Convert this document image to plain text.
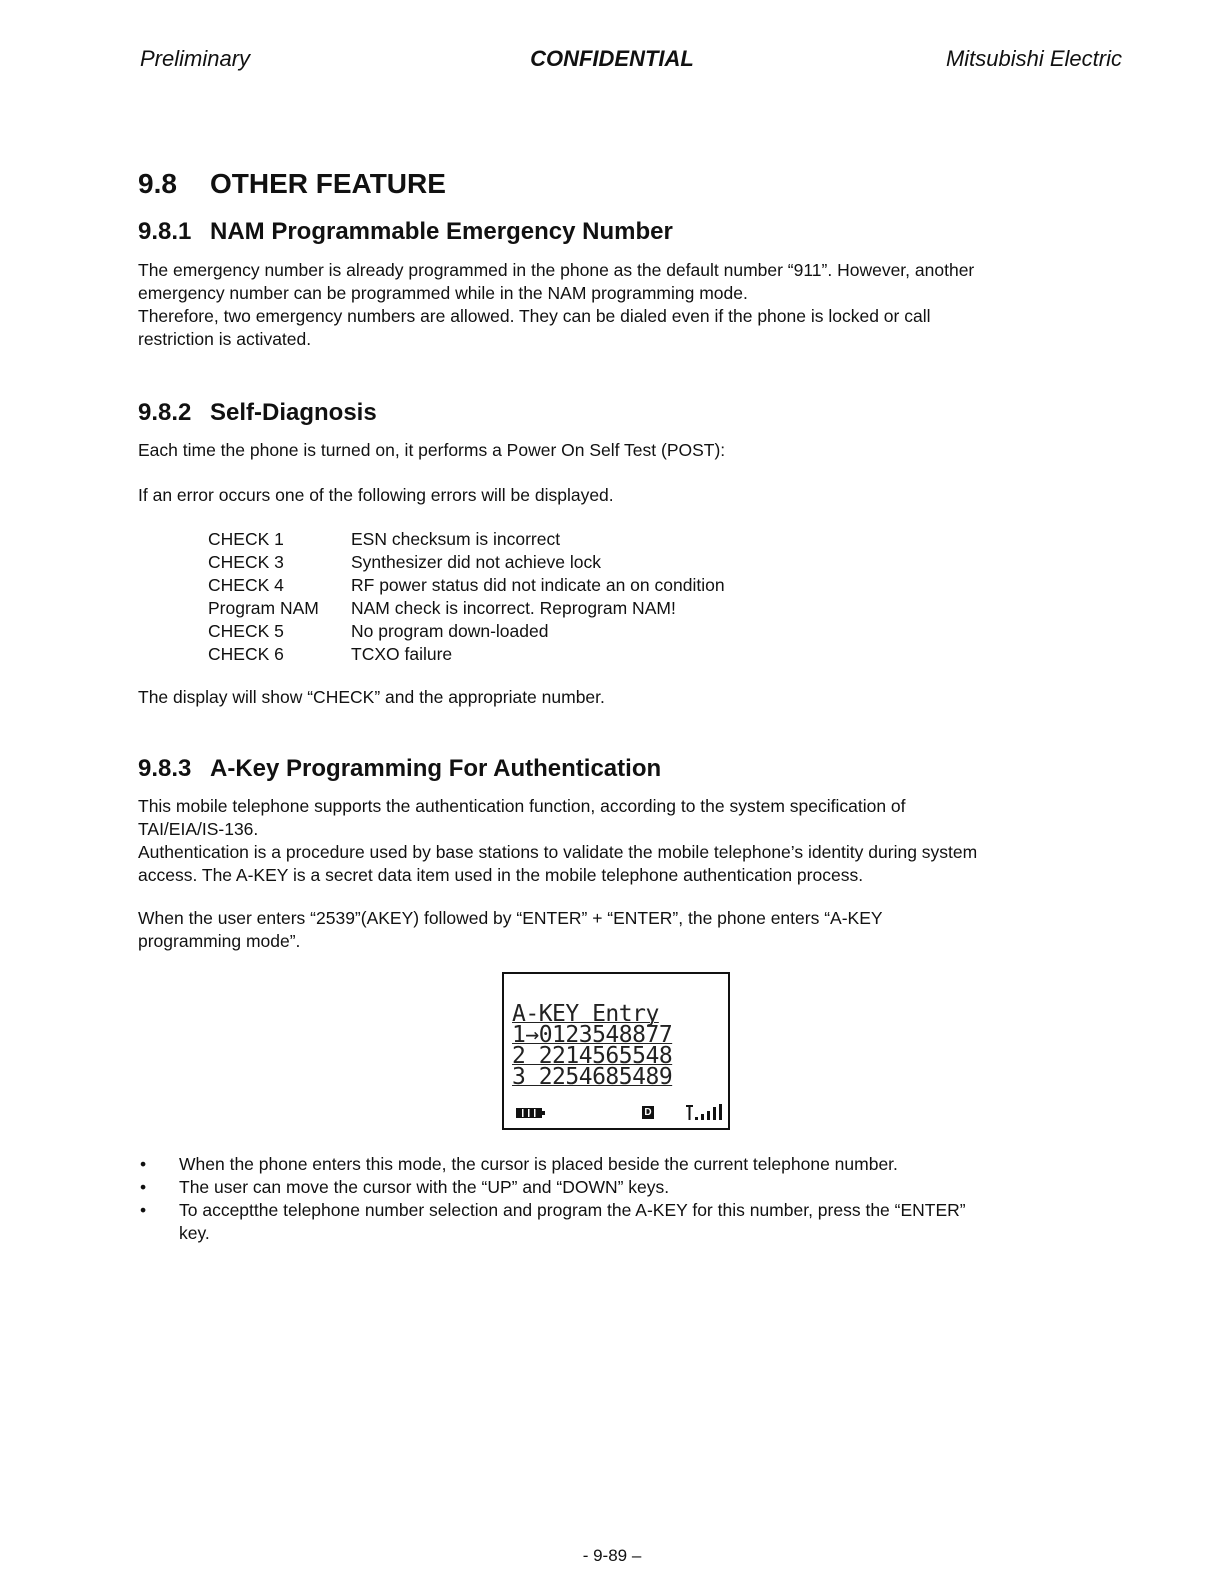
Preliminary	CONFIDENTIAL	Mitsubishi Electric
9.8 OTHER FEATURE
9.8.1 NAM Programmable Emergency Number
The emergency number is already programmed in the phone as the default number “911”. However, another
emergency number can be programmed while in the NAM programming mode.
Therefore, two emergency numbers are allowed. They can be dialed even if the phone is locked or call
restriction is activated.
9.8.2 Self-Diagnosis
Each time the phone is turned on, it performs a Power On Self Test (POST):
If an error occurs one of the following errors will be displayed.
CHECK 1	ESN checksum is incorrect
CHECK 3	Synthesizer did not achieve lock
CHECK 4	RF power status did not indicate an on condition
Program NAM	NAM check is incorrect. Reprogram NAM!
CHECK 5	No program down-loaded
CHECK 6	TCXO failure
The display will show “CHECK” and the appropriate number.
9.8.3 A-Key Programming For Authentication
This mobile telephone supports the authentication function, according to the system specification of
TAI/EIA/IS-136.
Authentication is a procedure used by base stations to validate the mobile telephone’s identity during system
access. The A-KEY is a secret data item used in the mobile telephone authentication process.
When the user enters “2539”(AKEY) followed by “ENTER” + “ENTER”, the phone enters “A-KEY
programming mode”.
A-KEY Entry
1→0123548877
2 2214565548
3 2254685489
D
• When the phone enters this mode, the cursor is placed beside the current telephone number.
• The user can move the cursor with the “UP” and “DOWN” keys.
• To acceptthe telephone number selection and program the A-KEY for this number, press the “ENTER”
key.
- 9-89 –
